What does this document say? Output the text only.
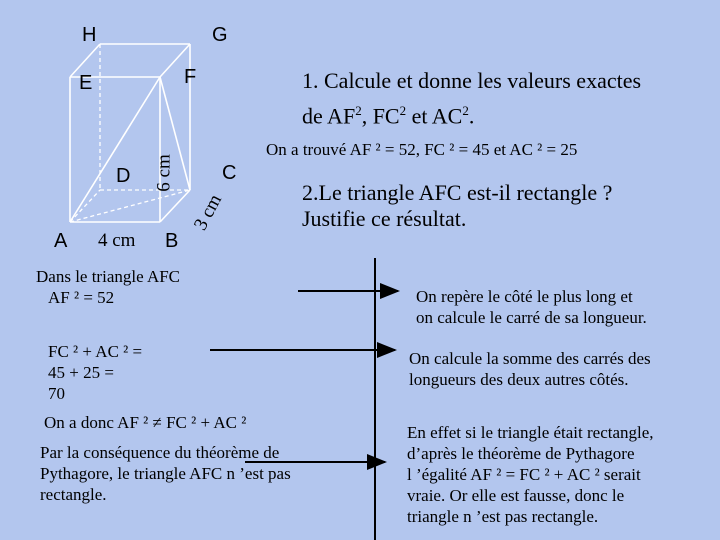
H	G
E	F
D	C
A	B
6 cm
3 cm
4 cm
1. Calcule et donne les valeurs exactes
de $AF^2$, $FC^2$ et $AC^2$.
On a trouvé AF ² = 52, FC ² = 45 et AC ² = 25
2.Le triangle AFC est-il rectangle ?
Justifie ce résultat.
Dans le triangle AFC
AF ² = 52
FC ² + AC ² =
45 + 25 =
70
On a donc AF ² ≠ FC ² + AC ²
Par la conséquence du théorème de
Pythagore, le triangle AFC n ’est pas
rectangle.
On repère le côté le plus long et
on calcule le carré de sa longueur.
On calcule la somme des carrés des
longueurs des deux autres côtés.
En effet si le triangle était rectangle,
d’après le théorème de Pythagore
l ’égalité AF ² = FC ² + AC ² serait
vraie. Or elle est fausse, donc le
triangle n ’est pas rectangle.
